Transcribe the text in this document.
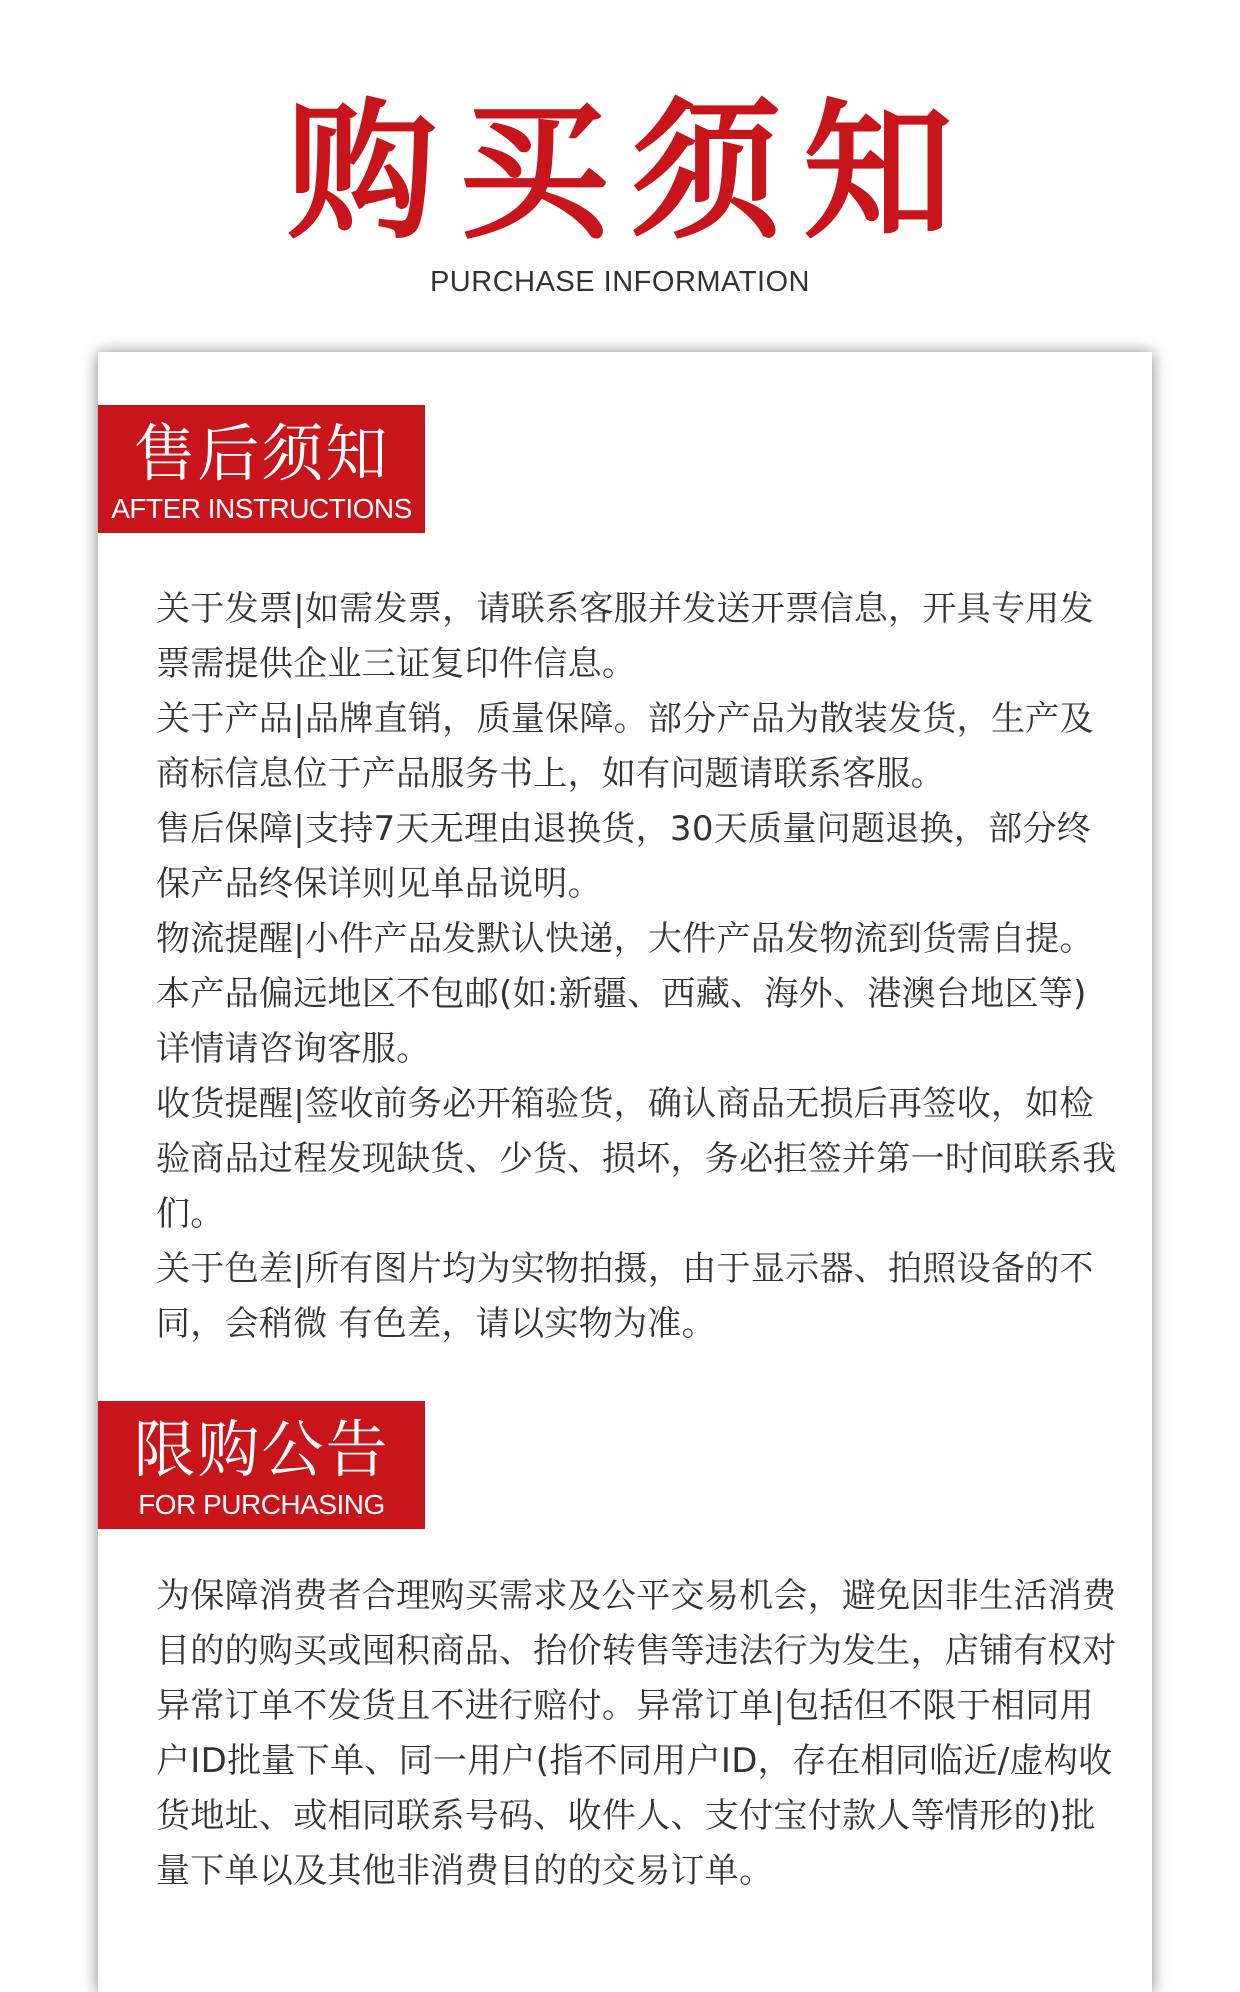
购买须知
PURCHASE INFORMATION
售后须知
AFTER INSTRUCTIONS

关于发票|如需发票，请联系客服并发送开票信息，开具专用发票需提供企业三证复印件信息。

关于产品|品牌直销，质量保障。部分产品为散装发货，生产及商标信息位于产品服务书上，如有问题请联系客服。

售后保障|支持7天无理由退换货，30天质量问题退换，部分终保产品终保详则见单品说明。

物流提醒|小件产品发默认快递，大件产品发物流到货需自提。本产品偏远地区不包邮(如:新疆、西藏、海外、港澳台地区等) 详情请咨询客服。

收货提醒|签收前务必开箱验货，确认商品无损后再签收，如检验商品过程发现缺货、少货、损坏，务必拒签并第一时间联系我们。

关于色差|所有图片均为实物拍摄，由于显示器、拍照设备的不同，会稍微 有色差，请以实物为准。

限购公告
FOR PURCHASING

为保障消费者合理购买需求及公平交易机会，避免因非生活消费目的的购买或囤积商品、抬价转售等违法行为发生，店铺有权对异常订单不发货且不进行赔付。异常订单|包括但不限于相同用户ID批量下单、同一用户(指不同用户ID，存在相同临近/虚构收货地址、或相同联系号码、收件人、支付宝付款人等情形的)批量下单以及其他非消费目的的交易订单。
